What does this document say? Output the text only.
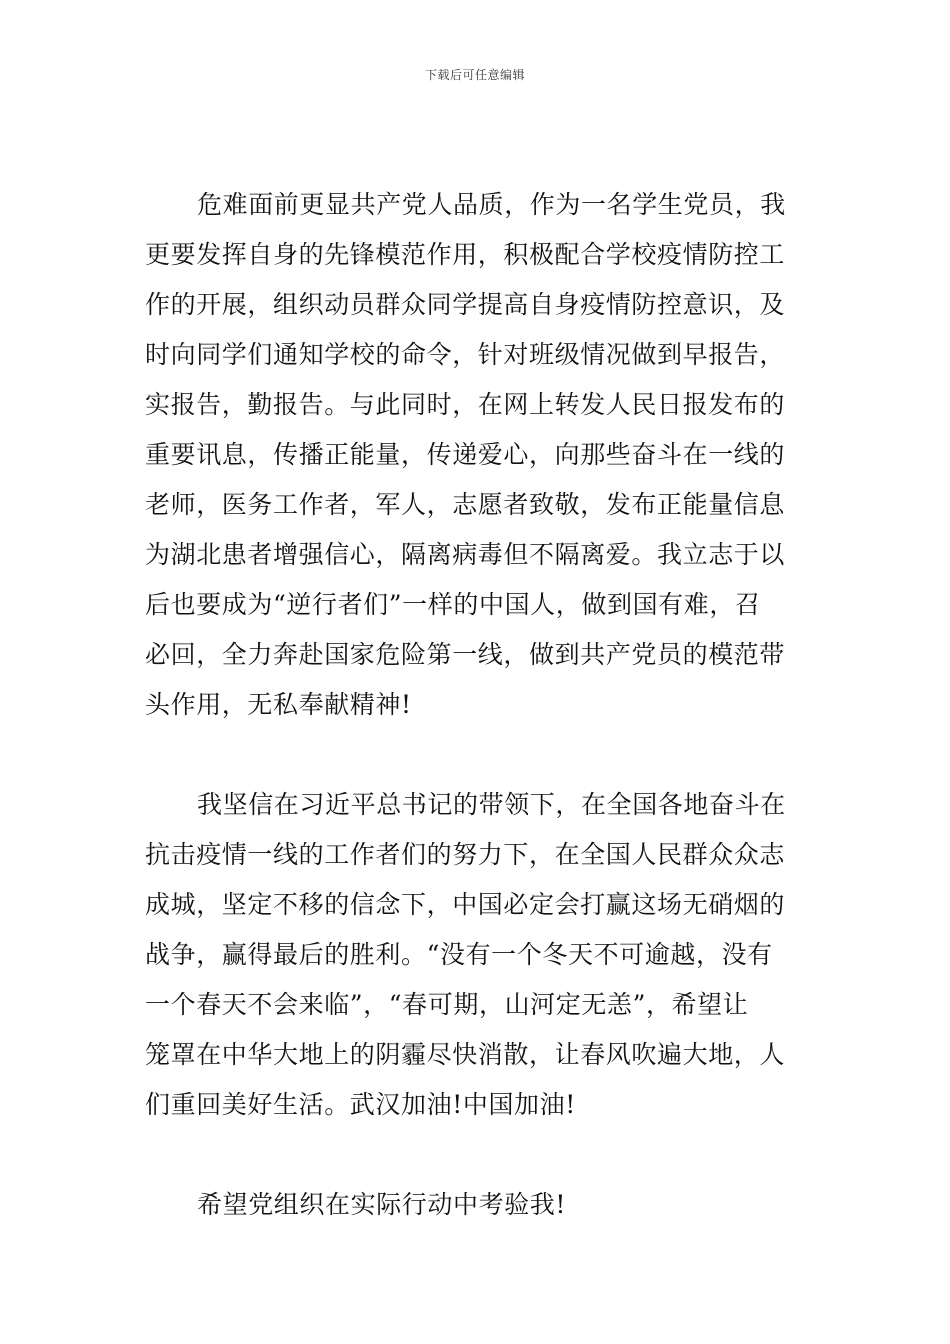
下载后可任意编辑
危难面前更显共产党人品质，作为一名学生党员，我
更要发挥自身的先锋模范作用，积极配合学校疫情防控工
作的开展，组织动员群众同学提高自身疫情防控意识，及
时向同学们通知学校的命令，针对班级情况做到早报告，
实报告，勤报告。与此同时，在网上转发人民日报发布的
重要讯息，传播正能量，传递爱心，向那些奋斗在一线的
老师，医务工作者，军人，志愿者致敬，发布正能量信息
为湖北患者增强信心，隔离病毒但不隔离爱。我立志于以
后也要成为“逆行者们”一样的中国人，做到国有难，召
必回，全力奔赴国家危险第一线，做到共产党员的模范带
头作用，无私奉献精神!
我坚信在习近平总书记的带领下，在全国各地奋斗在
抗击疫情一线的工作者们的努力下，在全国人民群众众志
成城，坚定不移的信念下，中国必定会打赢这场无硝烟的
战争，赢得最后的胜利。“没有一个冬天不可逾越，没有
一个春天不会来临”，“春可期，山河定无恙”，希望让
笼罩在中华大地上的阴霾尽快消散，让春风吹遍大地，人
们重回美好生活。武汉加油!中国加油!
希望党组织在实际行动中考验我!
